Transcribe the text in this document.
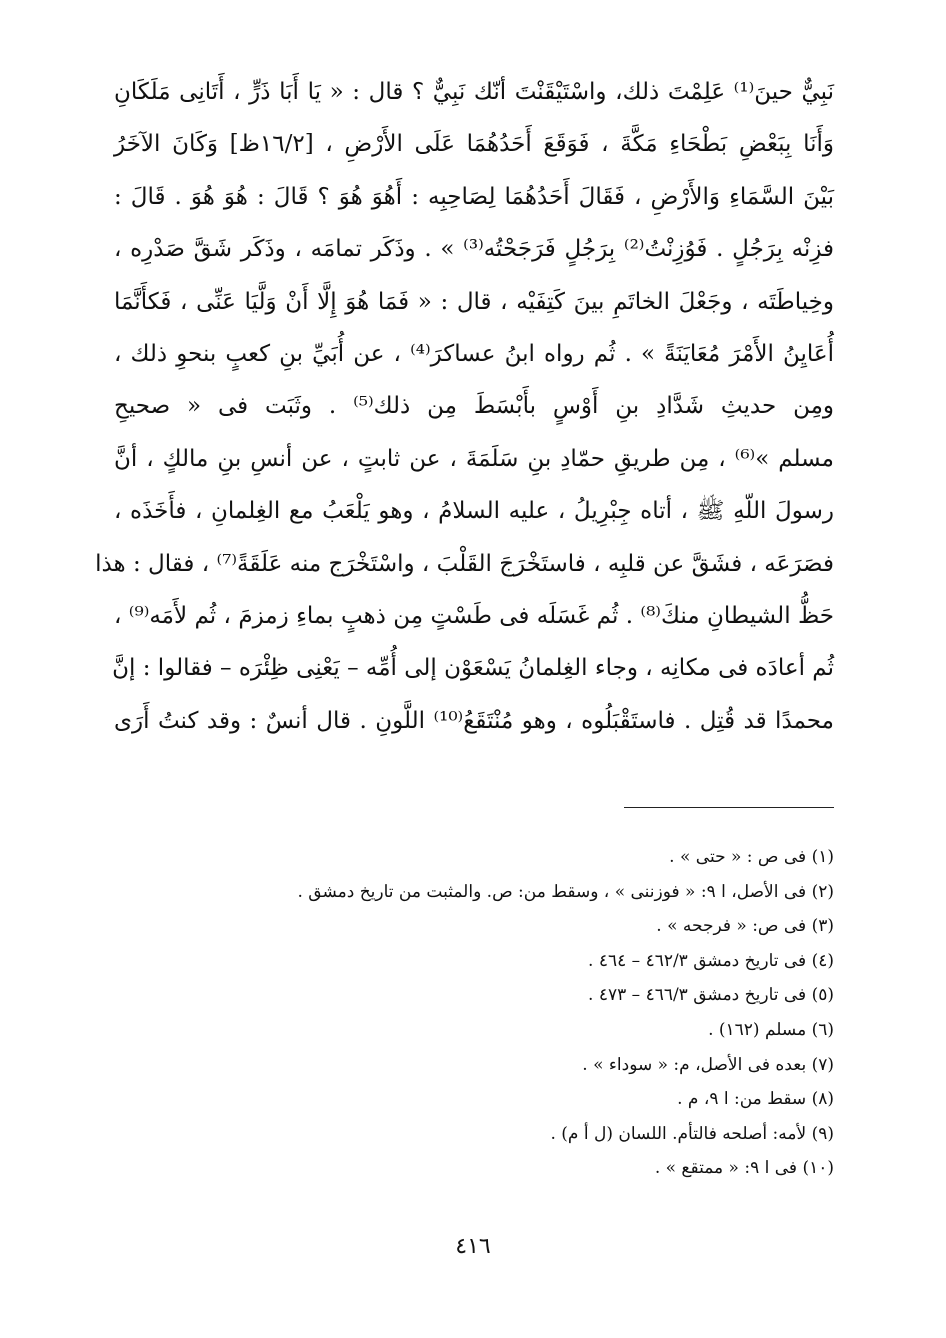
نَبِيٌّ حينَ⁽¹⁾ عَلِمْتَ ذلك، واسْتَيْقَنْتَ أنّك نَبِيٌّ ؟ قال : « يَا أَبَا ذَرٍّ ، أَتَانِى مَلَكَانِ
وَأَنَا بِبَعْضِ بَطْحَاءِ مَكَّةَ ، فَوَقَعَ أَحَدُهُمَا عَلَى الأَرْضِ ، [١٦/٢ظ] وَكَانَ الآخَرُ
بَيْنَ السَّمَاءِ وَالأَرْضِ ، فَقَالَ أَحَدُهُمَا لِصَاحِبِه : أَهُوَ هُوَ ؟ قَالَ : هُوَ هُوَ . قَالَ :
فزِنْه بِرَجُلٍ . فَوُزِنْتُ⁽²⁾ بِرَجُلٍ فَرَجَحْتُه⁽³⁾ » . وذَكَر تمامَه ، وذَكَر شَقَّ صَدْرِه ،
وخِياطَتَه ، وجَعْلَ الخاتَمِ بينَ كَتِفَيْه ، قال : « فَمَا هُوَ إِلَّا أَنْ وَلَّيَا عَنِّى ، فَكأَنَّمَا
أُعَايِنُ الأَمْرَ مُعَايَنَةً » . ثُم رواه ابنُ عساكرَ⁽⁴⁾ ، عن أُبَيِّ بنِ كعبٍ بنحوِ ذلك ،
ومِن حديثِ شَدَّادِ بنِ أَوْسٍ بأَبْسَطَ مِن ذلك⁽⁵⁾ . وثَبَت فى « صحيحِ
مسلم »⁽⁶⁾ ، مِن طريقِ حمّادِ بنِ سَلَمَةَ ، عن ثابتٍ ، عن أنسِ بنِ مالكٍ ، أنَّ
رسولَ اللّهِ ﷺ ، أتاه جِبْرِيلُ ، عليه السلامُ ، وهو يَلْعَبُ مع الغِلمانِ ، فأَخَذَه ،
فصَرَعَه ، فشَقَّ عن قلبِه ، فاستَخْرَجَ القَلْبَ ، واسْتَخْرَج منه عَلَقَةً⁽⁷⁾ ، فقال : هذا
حَظُّ الشيطانِ منكَ⁽⁸⁾ . ثُم غَسَلَه فى طَسْتٍ مِن ذهبٍ بماءِ زمزمَ ، ثُم لأَمَه⁽⁹⁾ ،
ثُم أعادَه فى مكانِه ، وجاء الغِلمانُ يَسْعَوْن إلى أُمِّه – يَعْنِى ظِئْرَه – فقالوا : إنَّ
محمدًا قد قُتِل . فاستَقْبَلُوه ، وهو مُنْتَقَعُ⁽¹⁰⁾ اللَّونِ . قال أنسٌ : وقد كنتُ أَرَى
(١) فى ص : « حتى » .
(٢) فى الأصل، ا ٩: « فوزننى » ، وسقط من: ص. والمثبت من تاريخ دمشق .
(٣) فى ص: « فرجحه » .
(٤) فى تاريخ دمشق ٤٦٢/٣ – ٤٦٤ .
(٥) فى تاريخ دمشق ٤٦٦/٣ – ٤٧٣ .
(٦) مسلم (١٦٢) .
(٧) بعده فى الأصل، م: « سوداء » .
(٨) سقط من: ا ٩، م .
(٩) لأمه: أصلحه فالتأم. اللسان (ل أ م) .
(١٠) فى ا ٩: « ممتقع » .
٤١٦
